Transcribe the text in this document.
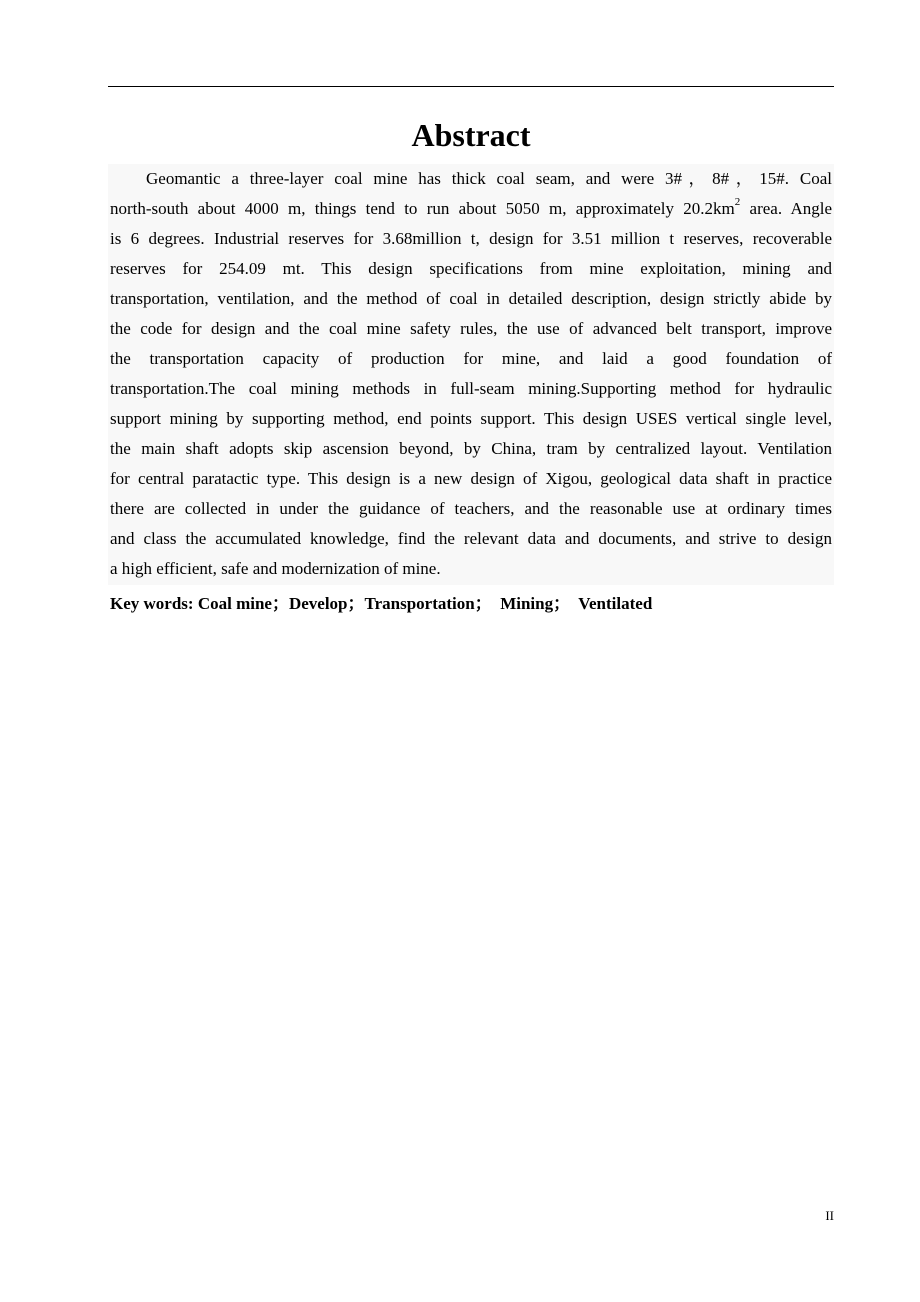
Abstract
Geomantic a three-layer coal mine has thick coal seam, and were 3#，8#，15#. Coal
north-south about 4000 m, things tend to run about 5050 m, approximately $20.2km^2$ area. Angle
is 6 degrees. Industrial reserves for 3.68million t, design for 3.51 million t reserves, recoverable
reserves for 254.09 mt. This design specifications from mine exploitation, mining and
transportation, ventilation, and the method of coal in detailed description, design strictly abide by
the code for design and the coal mine safety rules, the use of advanced belt transport, improve
the transportation capacity of production for mine, and laid a good foundation of
transportation.The coal mining methods in full-seam mining.Supporting method for hydraulic
support mining by supporting method, end points support. This design USES vertical single level,
the main shaft adopts skip ascension beyond, by China, tram by centralized layout. Ventilation
for central paratactic type. This design is a new design of Xigou, geological data shaft in practice
there are collected in under the guidance of teachers, and the reasonable use at ordinary times
and class the accumulated knowledge, find the relevant data and documents, and strive to design
a high efficient, safe and modernization of mine.
Key words: Coal mine；Develop；Transportation；  Mining；  Ventilated
II
